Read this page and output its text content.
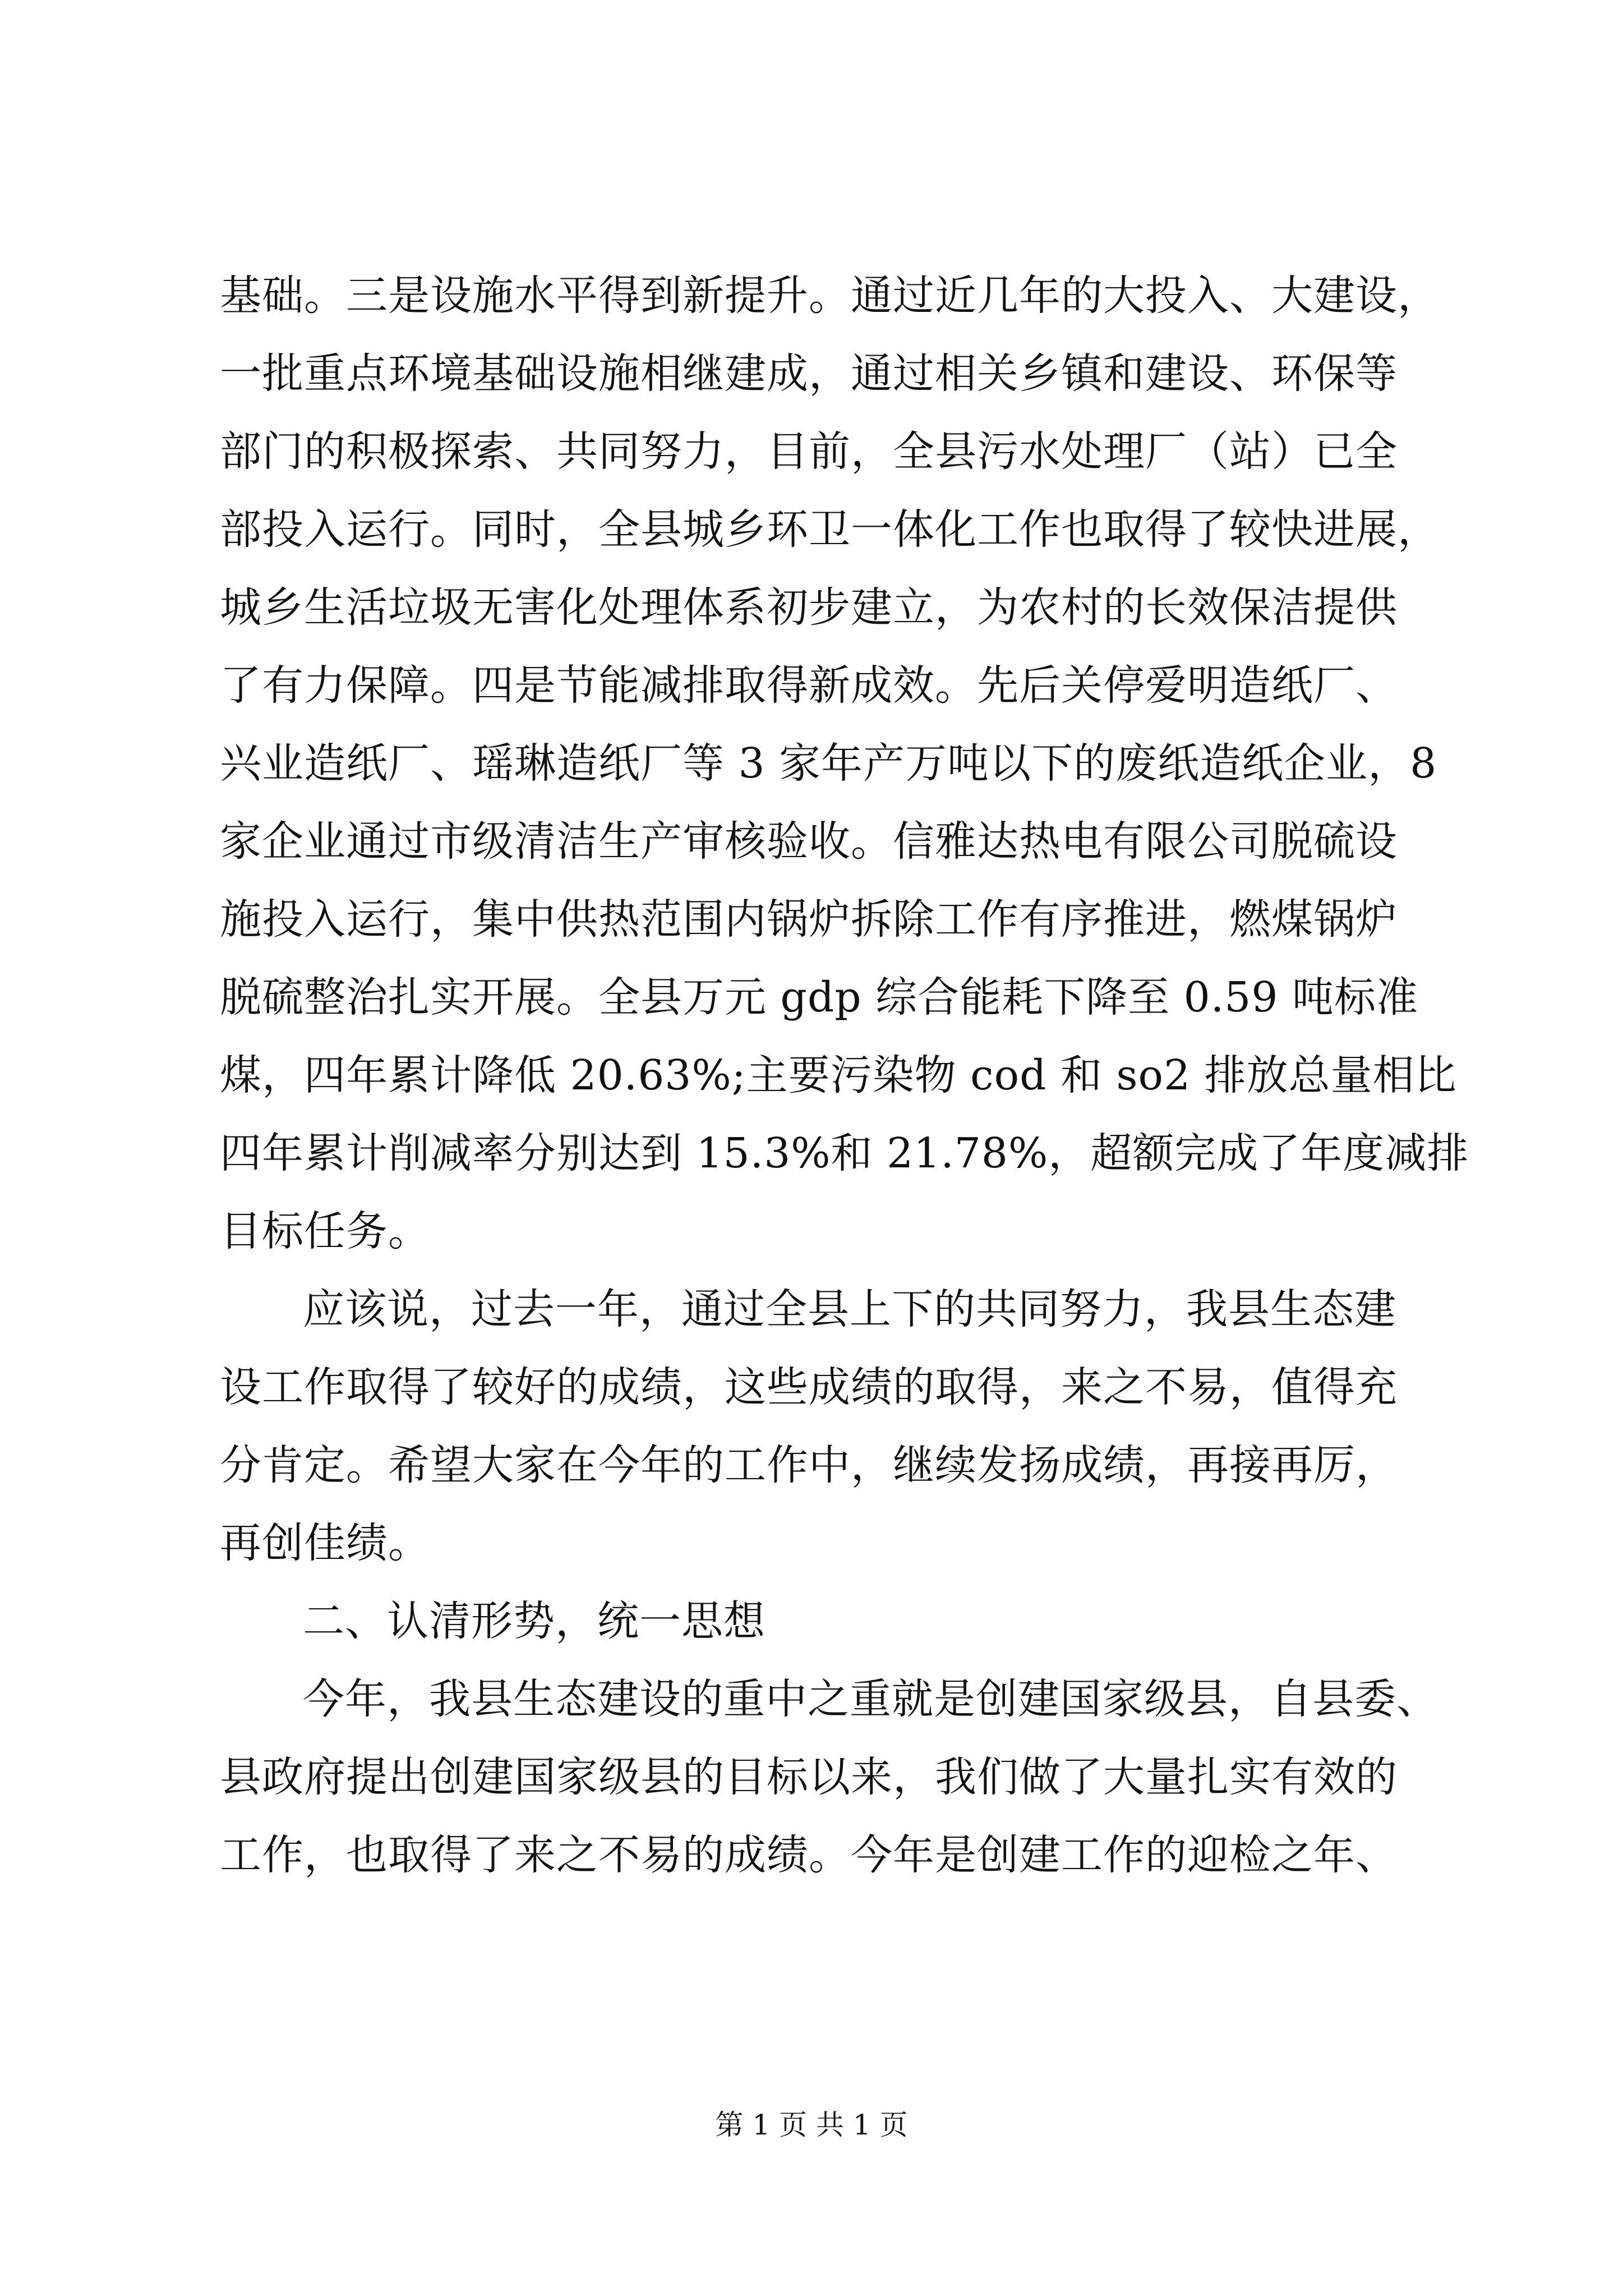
基础。三是设施水平得到新提升。通过近几年的大投入、大建设，
一批重点环境基础设施相继建成，通过相关乡镇和建设、环保等
部门的积极探索、共同努力，目前，全县污水处理厂（站）已全
部投入运行。同时，全县城乡环卫一体化工作也取得了较快进展，
城乡生活垃圾无害化处理体系初步建立，为农村的长效保洁提供
了有力保障。四是节能减排取得新成效。先后关停爱明造纸厂、
兴业造纸厂、瑶琳造纸厂等 3 家年产万吨以下的废纸造纸企业，8
家企业通过市级清洁生产审核验收。信雅达热电有限公司脱硫设
施投入运行，集中供热范围内锅炉拆除工作有序推进，燃煤锅炉
脱硫整治扎实开展。全县万元 gdp 综合能耗下降至 0.59 吨标准
煤，四年累计降低 20.63%;主要污染物 cod 和 so2 排放总量相比
四年累计削减率分别达到 15.3%和 21.78%，超额完成了年度减排
目标任务。
应该说，过去一年，通过全县上下的共同努力，我县生态建
设工作取得了较好的成绩，这些成绩的取得，来之不易，值得充
分肯定。希望大家在今年的工作中，继续发扬成绩，再接再厉，
再创佳绩。
二、认清形势，统一思想
今年，我县生态建设的重中之重就是创建国家级县，自县委、
县政府提出创建国家级县的目标以来，我们做了大量扎实有效的
工作，也取得了来之不易的成绩。今年是创建工作的迎检之年、
第 1 页 共 1 页
